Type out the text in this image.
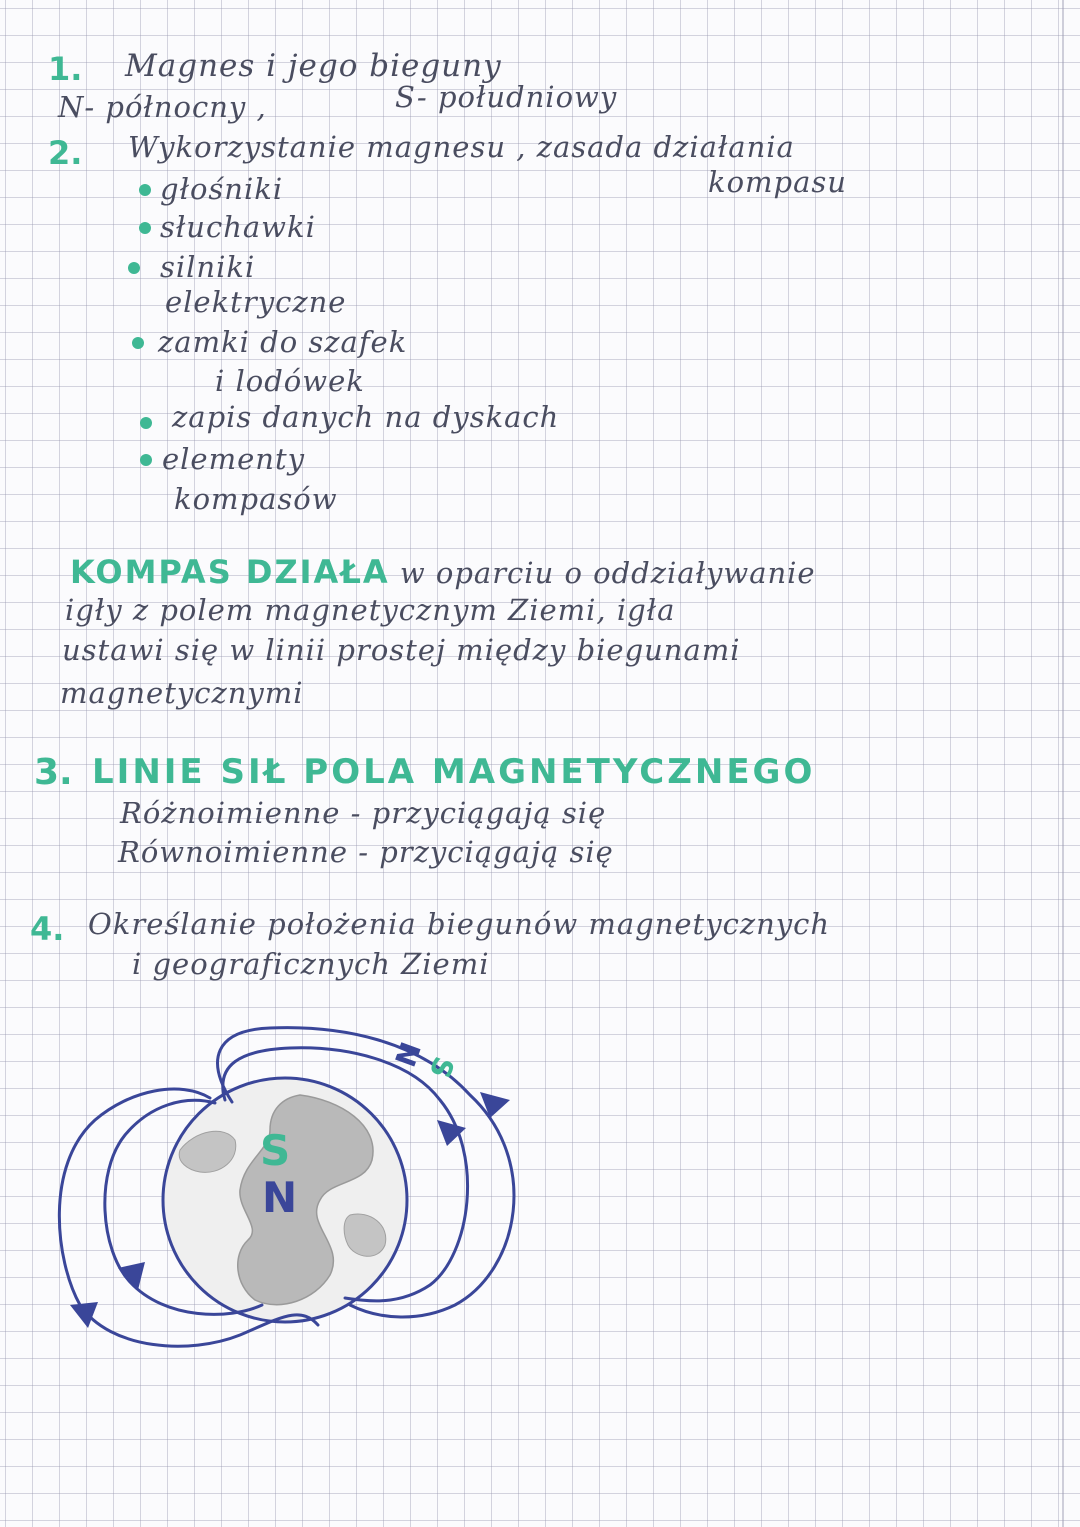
1. Magnes i jego bieguny
N- północny ,	S- południowy
2. Wykorzystanie magnesu , zasada działania
kompasu
głośniki
słuchawki
silniki
elektryczne
zamki do szafek
i lodówek
zapis danych na dyskach
elementy
kompasów
KOMPAS DZIAŁA w oparciu o oddziaływanie
igły z polem magnetycznym Ziemi, igła
ustawi się w linii prostej między biegunami
magnetycznymi
3. LINIE SIŁ POLA MAGNETYCZNEGO
Różnoimienne - przyciągają się
Równoimienne - przyciągają się
4. Określanie położenia biegunów magnetycznych
i geograficznych Ziemi
S
N
N
S
